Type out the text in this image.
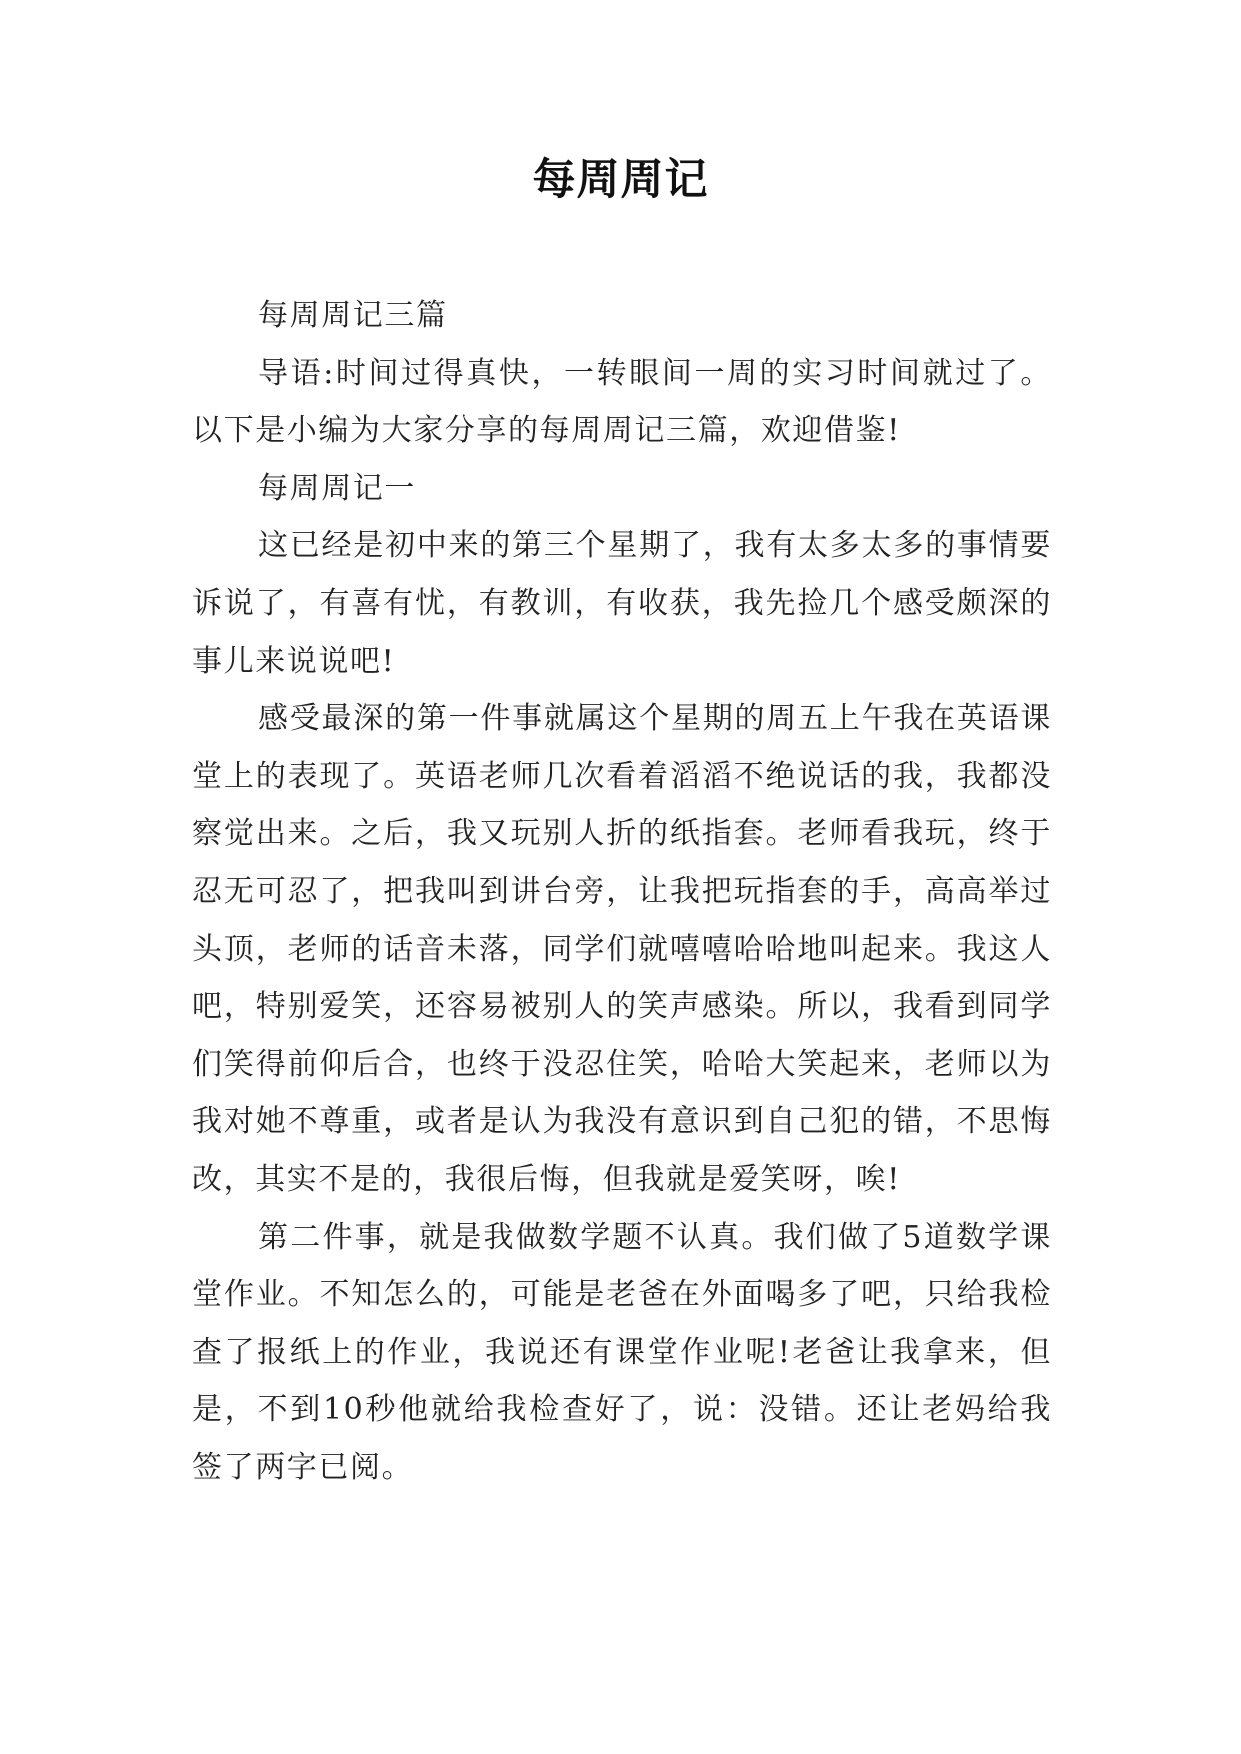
每周周记

每周周记三篇

导语:时间过得真快，一转眼间一周的实习时间就过了。以下是小编为大家分享的每周周记三篇，欢迎借鉴!

每周周记一

这已经是初中来的第三个星期了，我有太多太多的事情要诉说了，有喜有忧，有教训，有收获，我先捡几个感受颇深的事儿来说说吧!

感受最深的第一件事就属这个星期的周五上午我在英语课堂上的表现了。英语老师几次看着滔滔不绝说话的我，我都没察觉出来。之后，我又玩别人折的纸指套。老师看我玩，终于忍无可忍了，把我叫到讲台旁，让我把玩指套的手，高高举过头顶，老师的话音未落，同学们就嘻嘻哈哈地叫起来。我这人吧，特别爱笑，还容易被别人的笑声感染。所以，我看到同学们笑得前仰后合，也终于没忍住笑，哈哈大笑起来，老师以为我对她不尊重，或者是认为我没有意识到自己犯的错，不思悔改，其实不是的，我很后悔，但我就是爱笑呀，唉!

第二件事，就是我做数学题不认真。我们做了5道数学课堂作业。不知怎么的，可能是老爸在外面喝多了吧，只给我检查了报纸上的作业，我说还有课堂作业呢!老爸让我拿来，但是，不到10秒他就给我检查好了，说：没错。还让老妈给我签了两字已阅。
